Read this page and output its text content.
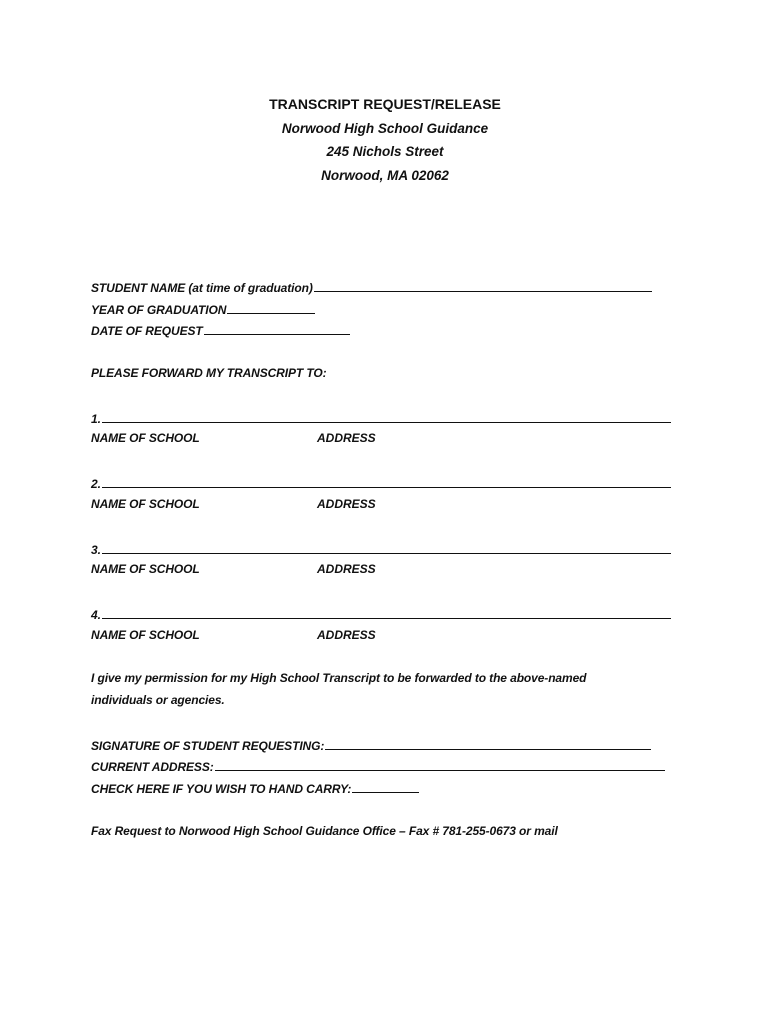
TRANSCRIPT REQUEST/RELEASE
Norwood High School Guidance
245 Nichols Street
Norwood, MA 02062
STUDENT NAME (at time of graduation)
YEAR OF GRADUATION
DATE OF REQUEST
PLEASE FORWARD MY TRANSCRIPT TO:
1.
NAME OF SCHOOL	ADDRESS
2.
NAME OF SCHOOL	ADDRESS
3.
NAME OF SCHOOL	ADDRESS
4.
NAME OF SCHOOL	ADDRESS
I give my permission for my High School Transcript to be forwarded to the above-named
individuals or agencies.
SIGNATURE OF STUDENT REQUESTING:
CURRENT ADDRESS:
CHECK HERE IF YOU WISH TO HAND CARRY:
Fax Request to Norwood High School Guidance Office – Fax # 781-255-0673 or mail
